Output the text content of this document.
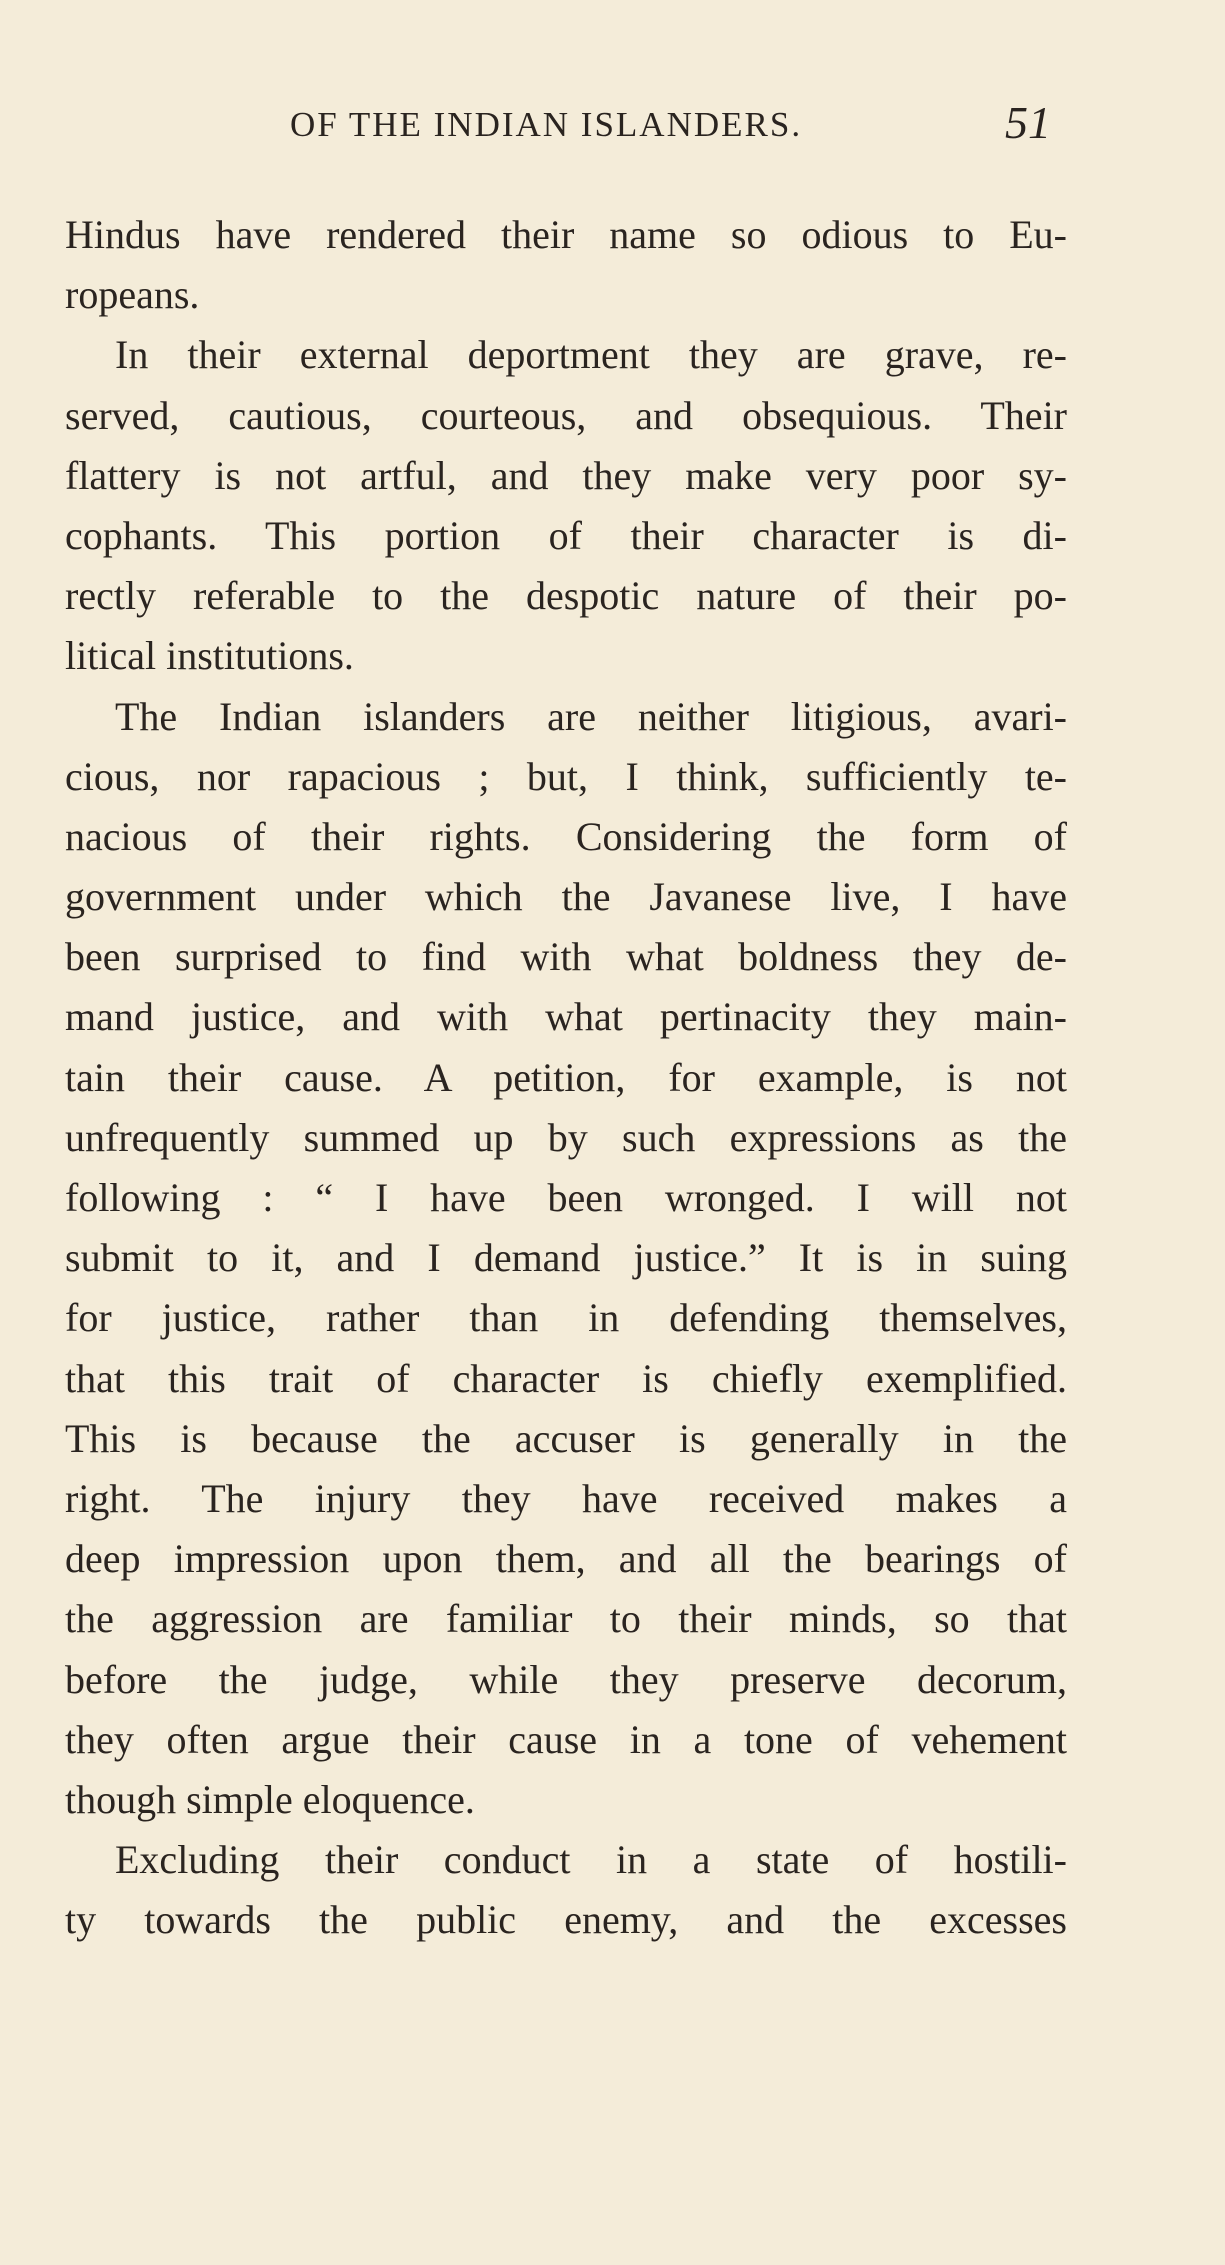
OF THE INDIAN ISLANDERS.	51
Hindus have rendered their name so odious to Eu-
ropeans.
In their external deportment they are grave, re-
served, cautious, courteous, and obsequious. Their
flattery is not artful, and they make very poor sy-
cophants. This portion of their character is di-
rectly referable to the despotic nature of their po-
litical institutions.
The Indian islanders are neither litigious, avari-
cious, nor rapacious ; but, I think, sufficiently te-
nacious of their rights. Considering the form of
government under which the Javanese live, I have
been surprised to find with what boldness they de-
mand justice, and with what pertinacity they main-
tain their cause. A petition, for example, is not
unfrequently summed up by such expressions as the
following : “ I have been wronged. I will not
submit to it, and I demand justice.” It is in suing
for justice, rather than in defending themselves,
that this trait of character is chiefly exemplified.
This is because the accuser is generally in the
right. The injury they have received makes a
deep impression upon them, and all the bearings of
the aggression are familiar to their minds, so that
before the judge, while they preserve decorum,
they often argue their cause in a tone of vehement
though simple eloquence.
Excluding their conduct in a state of hostili-
ty towards the public enemy, and the excesses
